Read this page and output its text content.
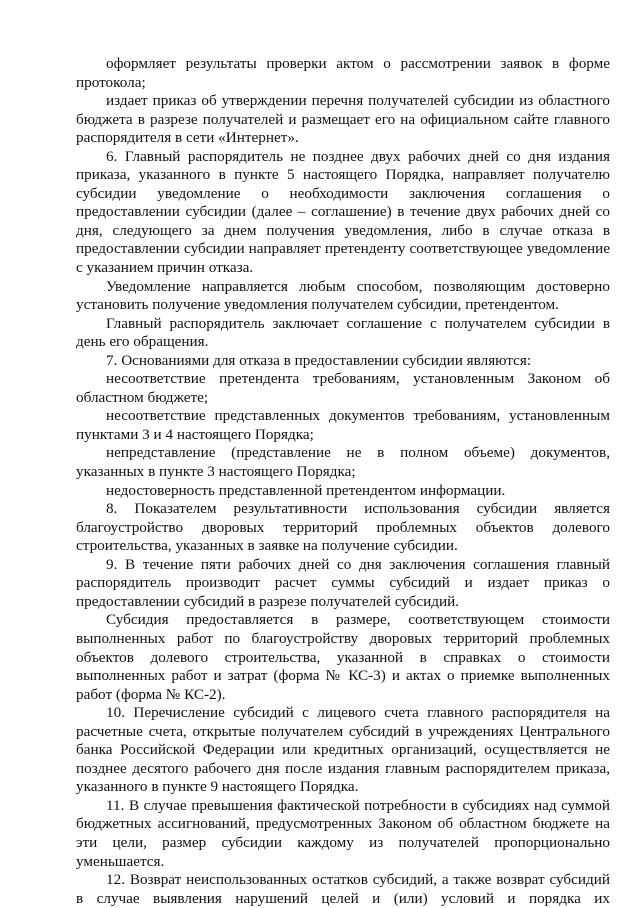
оформляет результаты проверки актом о рассмотрении заявок в форме протокола;

издает приказ об утверждении перечня получателей субсидии из областного бюджета в разрезе получателей и размещает его на официальном сайте главного распорядителя в сети «Интернет».

6. Главный распорядитель не позднее двух рабочих дней со дня издания приказа, указанного в пункте 5 настоящего Порядка, направляет получателю субсидии уведомление о необходимости заключения соглашения о предоставлении субсидии (далее – соглашение) в течение двух рабочих дней со дня, следующего за днем получения уведомления, либо в случае отказа в предоставлении субсидии направляет претенденту соответствующее уведомление с указанием причин отказа.

Уведомление направляется любым способом, позволяющим достоверно установить получение уведомления получателем субсидии, претендентом.

Главный распорядитель заключает соглашение с получателем субсидии в день его обращения.

7. Основаниями для отказа в предоставлении субсидии являются:

несоответствие претендента требованиям, установленным Законом об областном бюджете;

несоответствие представленных документов требованиям, установленным пунктами 3 и 4 настоящего Порядка;

непредставление (представление не в полном объеме) документов, указанных в пункте 3 настоящего Порядка;

недостоверность представленной претендентом информации.

8. Показателем результативности использования субсидии является благоустройство дворовых территорий проблемных объектов долевого строительства, указанных в заявке на получение субсидии.

9. В течение пяти рабочих дней со дня заключения соглашения главный распорядитель производит расчет суммы субсидий и издает приказ о предоставлении субсидий в разрезе получателей субсидий.

Субсидия предоставляется в размере, соответствующем стоимости выполненных работ по благоустройству дворовых территорий проблемных объектов долевого строительства, указанной в справках о стоимости выполненных работ и затрат (форма № КС-3) и актах о приемке выполненных работ (форма № КС-2).

10. Перечисление субсидий с лицевого счета главного распорядителя на расчетные счета, открытые получателем субсидий в учреждениях Центрального банка Российской Федерации или кредитных организаций, осуществляется не позднее десятого рабочего дня после издания главным распорядителем приказа, указанного в пункте 9 настоящего Порядка.

11. В случае превышения фактической потребности в субсидиях над суммой бюджетных ассигнований, предусмотренных Законом об областном бюджете на эти цели, размер субсидии каждому из получателей пропорционально уменьшается.

12. Возврат неиспользованных остатков субсидий, а также возврат субсидий в случае выявления нарушений целей и (или) условий и порядка их
